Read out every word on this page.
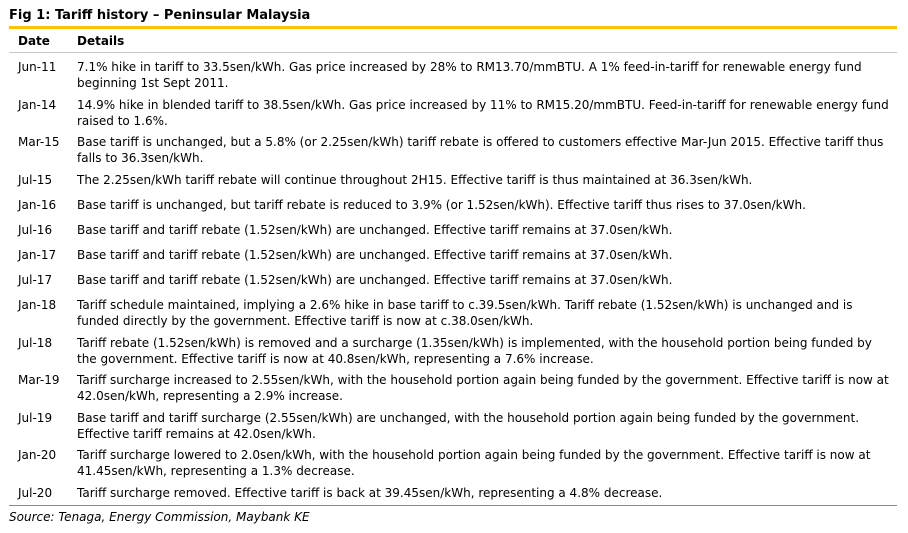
Fig 1: Tariff history – Peninsular Malaysia
Date Details
Jun-11 7.1% hike in tariff to 33.5sen/kWh. Gas price increased by 28% to RM13.70/mmBTU. A 1% feed-in-tariff for renewable energy fund beginning 1st Sept 2011.
Jan-14 14.9% hike in blended tariff to 38.5sen/kWh. Gas price increased by 11% to RM15.20/mmBTU. Feed-in-tariff for renewable energy fund raised to 1.6%.
Mar-15 Base tariff is unchanged, but a 5.8% (or 2.25sen/kWh) tariff rebate is offered to customers effective Mar-Jun 2015. Effective tariff thus falls to 36.3sen/kWh.
Jul-15 The 2.25sen/kWh tariff rebate will continue throughout 2H15. Effective tariff is thus maintained at 36.3sen/kWh.
Jan-16 Base tariff is unchanged, but tariff rebate is reduced to 3.9% (or 1.52sen/kWh). Effective tariff thus rises to 37.0sen/kWh.
Jul-16 Base tariff and tariff rebate (1.52sen/kWh) are unchanged. Effective tariff remains at 37.0sen/kWh.
Jan-17 Base tariff and tariff rebate (1.52sen/kWh) are unchanged. Effective tariff remains at 37.0sen/kWh.
Jul-17 Base tariff and tariff rebate (1.52sen/kWh) are unchanged. Effective tariff remains at 37.0sen/kWh.
Jan-18 Tariff schedule maintained, implying a 2.6% hike in base tariff to c.39.5sen/kWh. Tariff rebate (1.52sen/kWh) is unchanged and is funded directly by the government. Effective tariff is now at c.38.0sen/kWh.
Jul-18 Tariff rebate (1.52sen/kWh) is removed and a surcharge (1.35sen/kWh) is implemented, with the household portion being funded by the government. Effective tariff is now at 40.8sen/kWh, representing a 7.6% increase.
Mar-19 Tariff surcharge increased to 2.55sen/kWh, with the household portion again being funded by the government. Effective tariff is now at 42.0sen/kWh, representing a 2.9% increase.
Jul-19 Base tariff and tariff surcharge (2.55sen/kWh) are unchanged, with the household portion again being funded by the government. Effective tariff remains at 42.0sen/kWh.
Jan-20 Tariff surcharge lowered to 2.0sen/kWh, with the household portion again being funded by the government. Effective tariff is now at 41.45sen/kWh, representing a 1.3% decrease.
Jul-20 Tariff surcharge removed. Effective tariff is back at 39.45sen/kWh, representing a 4.8% decrease.
Source: Tenaga, Energy Commission, Maybank KE
